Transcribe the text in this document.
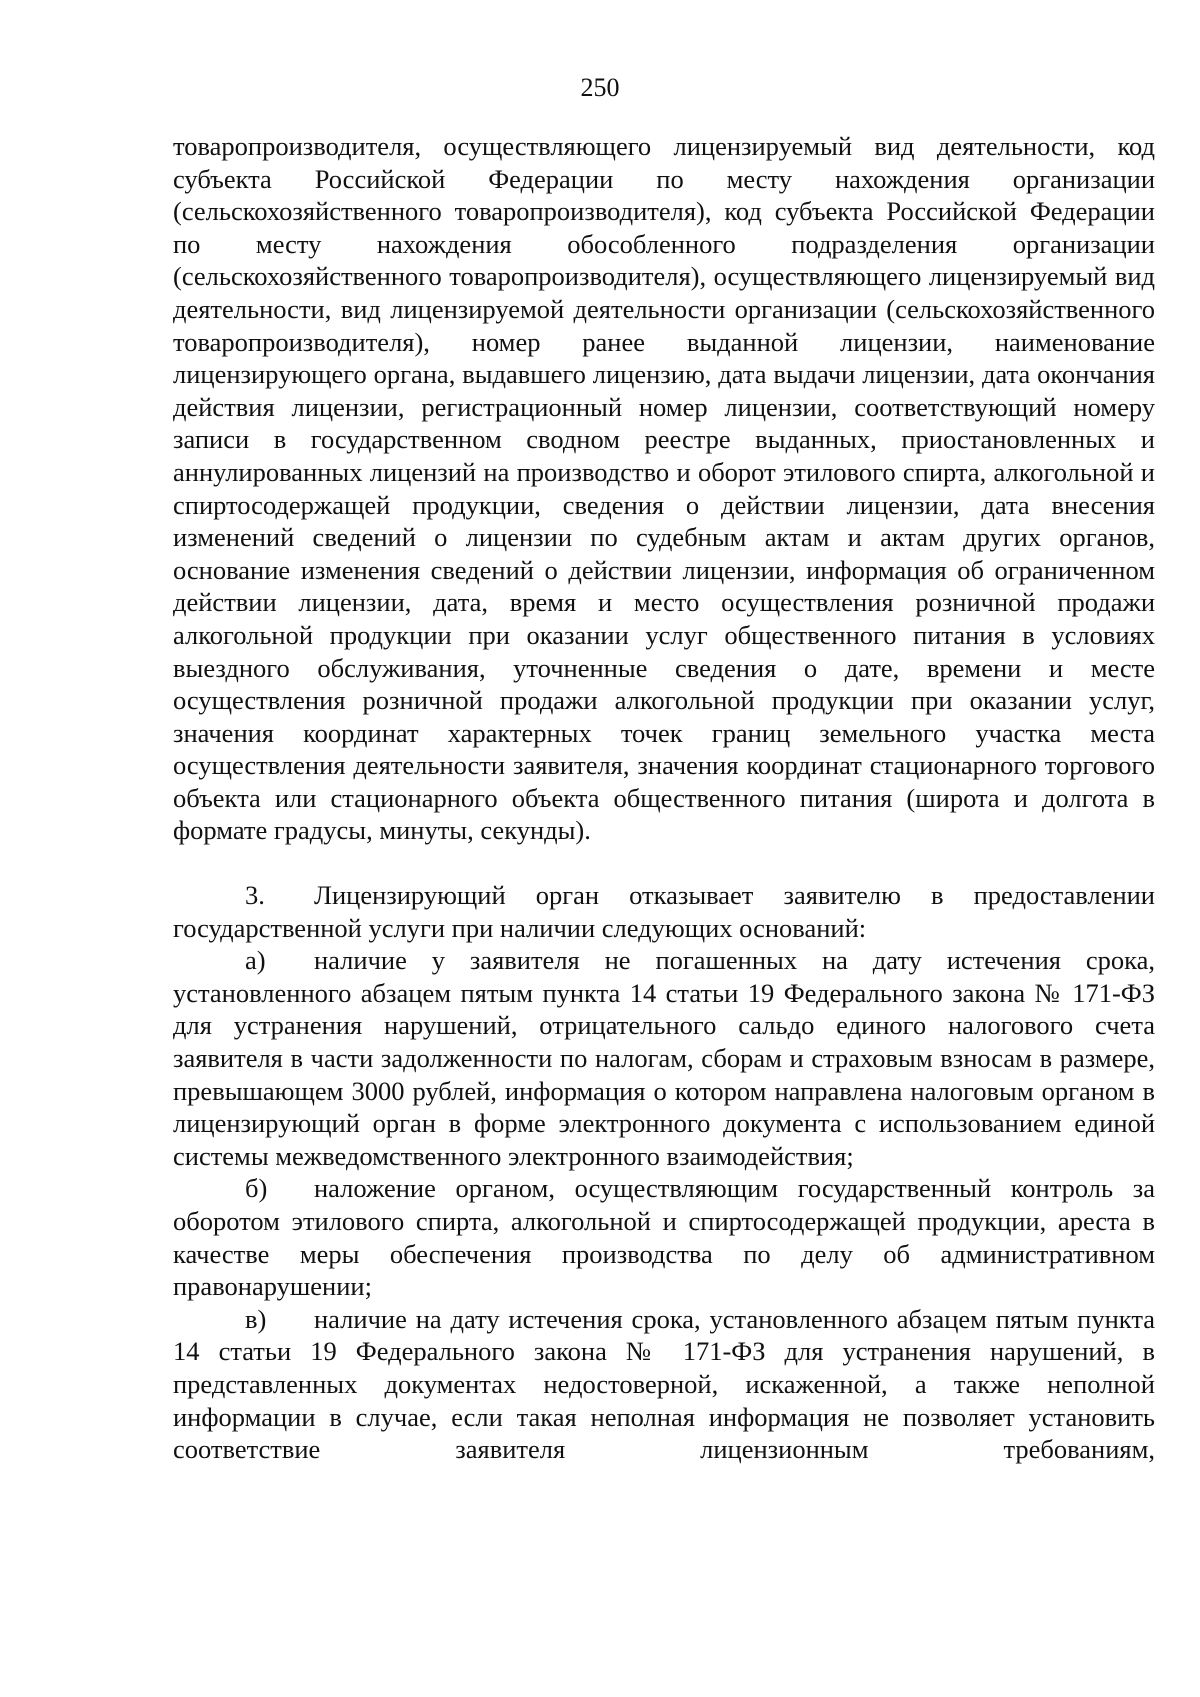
250

товаропроизводителя, осуществляющего лицензируемый вид деятельности, код субъекта Российской Федерации по месту нахождения организации (сельскохозяйственного товаропроизводителя), код субъекта Российской Федерации по месту нахождения обособленного подразделения организации (сельскохозяйственного товаропроизводителя), осуществляющего лицензируемый вид деятельности, вид лицензируемой деятельности организации (сельскохозяйственного товаропроизводителя), номер ранее выданной лицензии, наименование лицензирующего органа, выдавшего лицензию, дата выдачи лицензии, дата окончания действия лицензии, регистрационный номер лицензии, соответствующий номеру записи в государственном сводном реестре выданных, приостановленных и аннулированных лицензий на производство и оборот этилового спирта, алкогольной и спиртосодержащей продукции, сведения о действии лицензии, дата внесения изменений сведений о лицензии по судебным актам и актам других органов, основание изменения сведений о действии лицензии, информация об ограниченном действии лицензии, дата, время и место осуществления розничной продажи алкогольной продукции при оказании услуг общественного питания в условиях выездного обслуживания, уточненные сведения о дате, времени и месте осуществления розничной продажи алкогольной продукции при оказании услуг, значения координат характерных точек границ земельного участка места осуществления деятельности заявителя, значения координат стационарного торгового объекта или стационарного объекта общественного питания (широта и долгота в формате градусы, минуты, секунды).

3. Лицензирующий орган отказывает заявителю в предоставлении государственной услуги при наличии следующих оснований:

а) наличие у заявителя не погашенных на дату истечения срока, установленного абзацем пятым пункта 14 статьи 19 Федерального закона № 171-ФЗ для устранения нарушений, отрицательного сальдо единого налогового счета заявителя в части задолженности по налогам, сборам и страховым взносам в размере, превышающем 3000 рублей, информация о котором направлена налоговым органом в лицензирующий орган в форме электронного документа с использованием единой системы межведомственного электронного взаимодействия;

б) наложение органом, осуществляющим государственный контроль за оборотом этилового спирта, алкогольной и спиртосодержащей продукции, ареста в качестве меры обеспечения производства по делу об административном правонарушении;

в) наличие на дату истечения срока, установленного абзацем пятым пункта 14 статьи 19 Федерального закона № 171-ФЗ для устранения нарушений, в представленных документах недостоверной, искаженной, а также неполной информации в случае, если такая неполная информация не позволяет установить соответствие заявителя лицензионным требованиям,
